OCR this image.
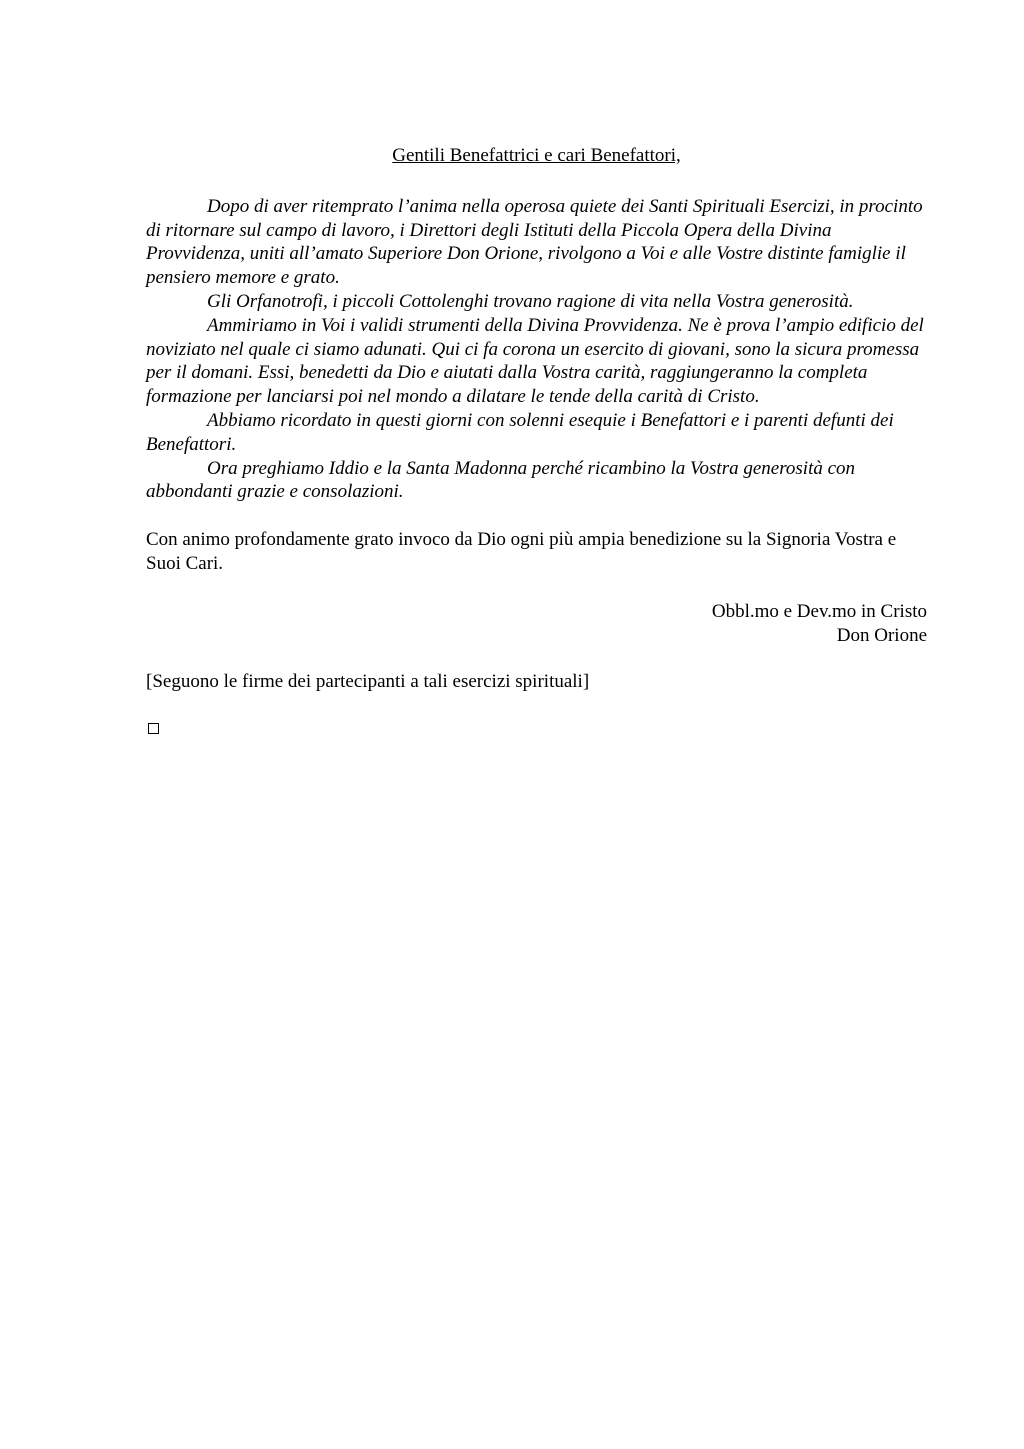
Gentili Benefattrici e cari Benefattori,

Dopo di aver ritemprato l’anima nella operosa quiete dei Santi Spirituali Esercizi, in procinto di ritornare sul campo di lavoro, i Direttori degli Istituti della Piccola Opera della Divina Provvidenza, uniti all’amato Superiore Don Orione, rivolgono a Voi e alle Vostre distinte famiglie il pensiero memore e grato.

Gli Orfanotrofi, i piccoli Cottolenghi trovano ragione di vita nella Vostra generosità.

Ammiriamo in Voi i validi strumenti della Divina Provvidenza. Ne è prova l’ampio edificio del noviziato nel quale ci siamo adunati. Qui ci fa corona un esercito di giovani, sono la sicura promessa per il domani. Essi, benedetti da Dio e aiutati dalla Vostra carità, raggiungeranno la completa formazione per lanciarsi poi nel mondo a dilatare le tende della carità di Cristo.

Abbiamo ricordato in questi giorni con solenni esequie i Benefattori e i parenti defunti dei Benefattori.

Ora preghiamo Iddio e la Santa Madonna perché ricambino la Vostra generosità con abbondanti grazie e consolazioni.

Con animo profondamente grato invoco da Dio ogni più ampia benedizione su la Signoria Vostra e Suoi Cari.

Obbl.mo e Dev.mo in Cristo
Don Orione

[Seguono le firme dei partecipanti a tali esercizi spirituali]
